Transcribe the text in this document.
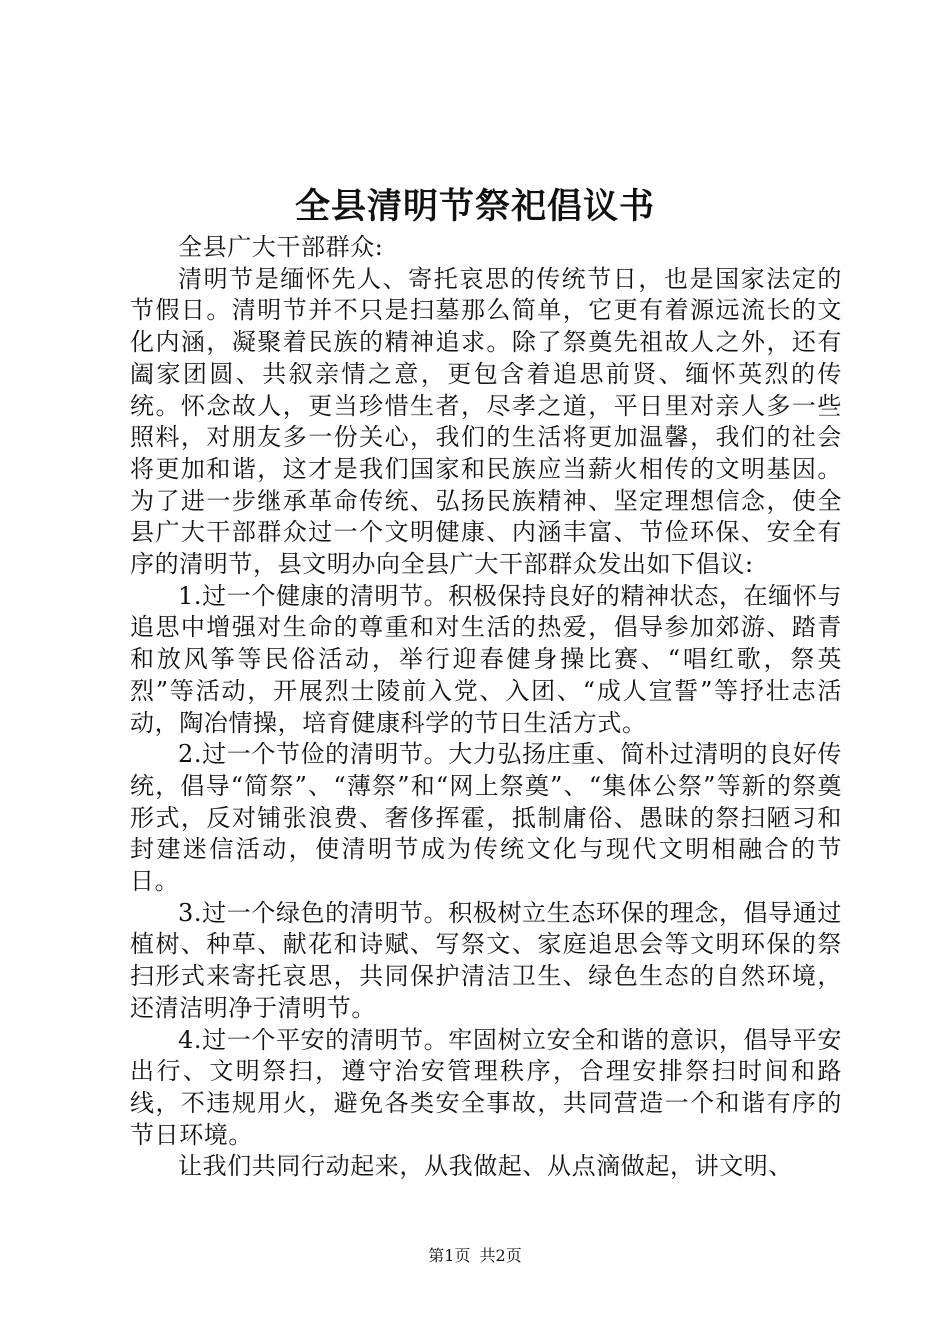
全县清明节祭祀倡议书

全县广大干部群众:

清明节是缅怀先人、寄托哀思的传统节日，也是国家法定的节假日。清明节并不只是扫墓那么简单，它更有着源远流长的文化内涵，凝聚着民族的精神追求。除了祭奠先祖故人之外，还有阖家团圆、共叙亲情之意，更包含着追思前贤、缅怀英烈的传统。怀念故人，更当珍惜生者，尽孝之道，平日里对亲人多一些照料，对朋友多一份关心，我们的生活将更加温馨，我们的社会将更加和谐，这才是我们国家和民族应当薪火相传的文明基因。为了进一步继承革命传统、弘扬民族精神、坚定理想信念，使全县广大干部群众过一个文明健康、内涵丰富、节俭环保、安全有序的清明节，县文明办向全县广大干部群众发出如下倡议:

1.过一个健康的清明节。积极保持良好的精神状态，在缅怀与追思中增强对生命的尊重和对生活的热爱，倡导参加郊游、踏青和放风筝等民俗活动，举行迎春健身操比赛、“唱红歌，祭英烈”等活动，开展烈士陵前入党、入团、“成人宣誓”等抒壮志活动，陶冶情操，培育健康科学的节日生活方式。

2.过一个节俭的清明节。大力弘扬庄重、简朴过清明的良好传统，倡导“简祭”、“薄祭”和“网上祭奠”、“集体公祭”等新的祭奠形式，反对铺张浪费、奢侈挥霍，抵制庸俗、愚昧的祭扫陋习和封建迷信活动，使清明节成为传统文化与现代文明相融合的节日。

3.过一个绿色的清明节。积极树立生态环保的理念，倡导通过植树、种草、献花和诗赋、写祭文、家庭追思会等文明环保的祭扫形式来寄托哀思，共同保护清洁卫生、绿色生态的自然环境，还清洁明净于清明节。

4.过一个平安的清明节。牢固树立安全和谐的意识，倡导平安出行、文明祭扫，遵守治安管理秩序，合理安排祭扫时间和路线，不违规用火，避免各类安全事故，共同营造一个和谐有序的节日环境。

让我们共同行动起来，从我做起、从点滴做起，讲文明、

第1页 共2页
